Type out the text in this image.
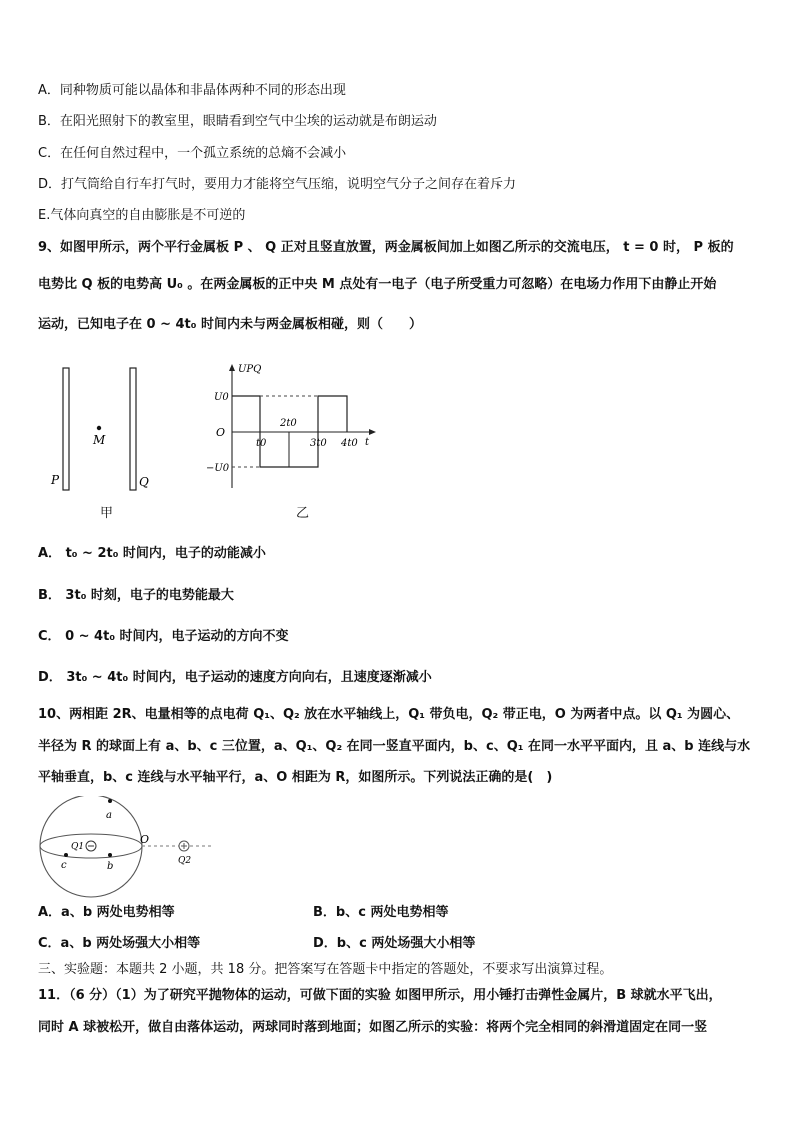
A．同种物质可能以晶体和非晶体两种不同的形态出现
B．在阳光照射下的教室里，眼睛看到空气中尘埃的运动就是布朗运动
C．在任何自然过程中，一个孤立系统的总熵不会减小
D．打气筒给自行车打气时，要用力才能将空气压缩，说明空气分子之间存在着斥力
E.气体向真空的自由膨胀是不可逆的
9、如图甲所示，两个平行金属板 P 、 Q 正对且竖直放置，两金属板间加上如图乙所示的交流电压， t = 0 时， P 板的
电势比 Q 板的电势高 U₀ 。在两金属板的正中央 M 点处有一电子（电子所受重力可忽略）在电场力作用下由静止开始
运动，已知电子在 0 ~ 4t₀ 时间内未与两金属板相碰，则（　　）
M
P	Q
甲
UPQ
U0
O
−U0
t0
2t0
3t0 4t0 t
乙
A． t₀ ~ 2t₀ 时间内，电子的动能减小
B． 3t₀ 时刻，电子的电势能最大
C． 0 ~ 4t₀ 时间内，电子运动的方向不变
D． 3t₀ ~ 4t₀ 时间内，电子运动的速度方向向右，且速度逐渐减小
10、两相距 2R、电量相等的点电荷 Q₁、Q₂ 放在水平轴线上，Q₁ 带负电，Q₂ 带正电，O 为两者中点。以 Q₁ 为圆心、
半径为 R 的球面上有 a、b、c 三位置，a、Q₁、Q₂ 在同一竖直平面内，b、c、Q₁ 在同一水平平面内，且 a、b 连线与水
平轴垂直，b、c 连线与水平轴平行，a、O 相距为 R，如图所示。下列说法正确的是(　)
a
b
c
Q1
O
Q2
A．a、b 两处电势相等	B．b、c 两处电势相等
C．a、b 两处场强大小相等	D．b、c 两处场强大小相等
三、实验题：本题共 2 小题，共 18 分。把答案写在答题卡中指定的答题处，不要求写出演算过程。
11．（6 分）（1）为了研究平抛物体的运动，可做下面的实验 如图甲所示，用小锤打击弹性金属片，B 球就水平飞出，
同时 A 球被松开，做自由落体运动，两球同时落到地面；如图乙所示的实验：将两个完全相同的斜滑道固定在同一竖
